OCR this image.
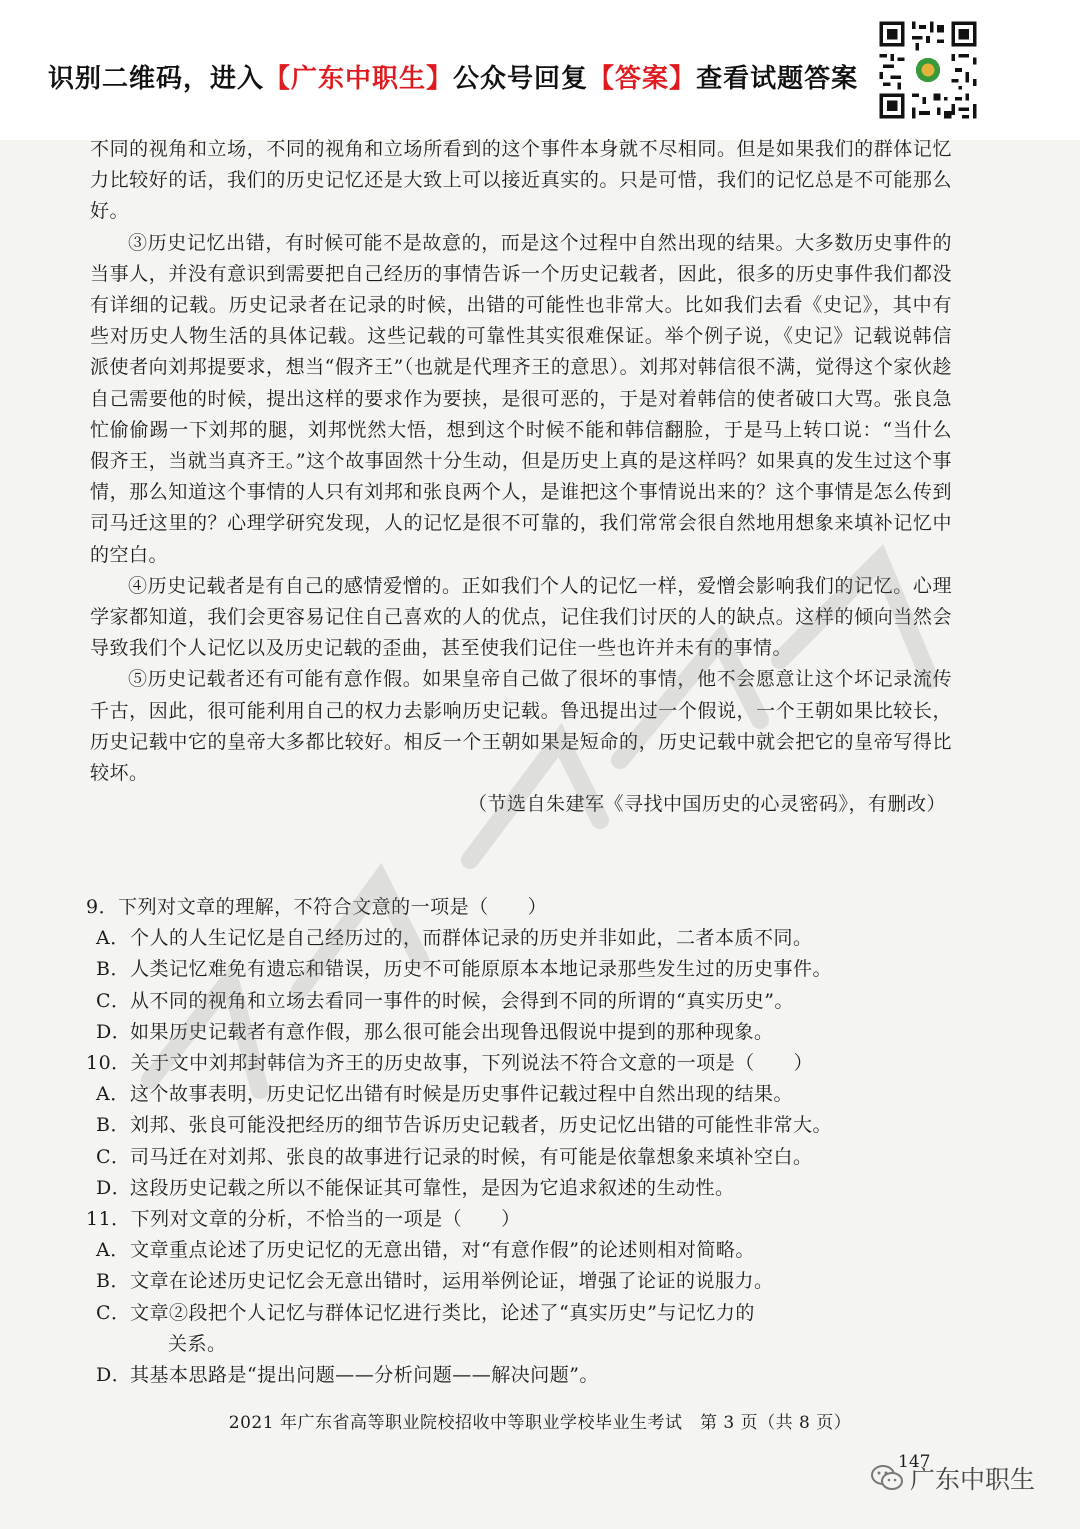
识别二维码，进入【广东中职生】公众号回复【答案】查看试题答案

不同的视角和立场，不同的视角和立场所看到的这个事件本身就不尽相同。但是如果我们的群体记忆力比较好的话，我们的历史记忆还是大致上可以接近真实的。只是可惜，我们的记忆总是不可能那么好。

③历史记忆出错，有时候可能不是故意的，而是这个过程中自然出现的结果。大多数历史事件的当事人，并没有意识到需要把自己经历的事情告诉一个历史记载者，因此，很多的历史事件我们都没有详细的记载。历史记录者在记录的时候，出错的可能性也非常大。比如我们去看《史记》，其中有些对历史人物生活的具体记载。这些记载的可靠性其实很难保证。举个例子说，《史记》记载说韩信派使者向刘邦提要求，想当“假齐王”（也就是代理齐王的意思）。刘邦对韩信很不满，觉得这个家伙趁自己需要他的时候，提出这样的要求作为要挟，是很可恶的，于是对着韩信的使者破口大骂。张良急忙偷偷踢一下刘邦的腿，刘邦恍然大悟，想到这个时候不能和韩信翻脸，于是马上转口说：“当什么假齐王，当就当真齐王。”这个故事固然十分生动，但是历史上真的是这样吗？如果真的发生过这个事情，那么知道这个事情的人只有刘邦和张良两个人，是谁把这个事情说出来的？这个事情是怎么传到司马迁这里的？心理学研究发现，人的记忆是很不可靠的，我们常常会很自然地用想象来填补记忆中的空白。

④历史记载者是有自己的感情爱憎的。正如我们个人的记忆一样，爱憎会影响我们的记忆。心理学家都知道，我们会更容易记住自己喜欢的人的优点，记住我们讨厌的人的缺点。这样的倾向当然会导致我们个人记忆以及历史记载的歪曲，甚至使我们记住一些也许并未有的事情。

⑤历史记载者还有可能有意作假。如果皇帝自己做了很坏的事情，他不会愿意让这个坏记录流传千古，因此，很可能利用自己的权力去影响历史记载。鲁迅提出过一个假说，一个王朝如果比较长，历史记载中它的皇帝大多都比较好。相反一个王朝如果是短命的，历史记载中就会把它的皇帝写得比较坏。

（节选自朱建军《寻找中国历史的心灵密码》，有删改）

9．下列对文章的理解，不符合文意的一项是（　　）
A．个人的人生记忆是自己经历过的，而群体记录的历史并非如此，二者本质不同。
B．人类记忆难免有遗忘和错误，历史不可能原原本本地记录那些发生过的历史事件。
C．从不同的视角和立场去看同一事件的时候，会得到不同的所谓的“真实历史”。
D．如果历史记载者有意作假，那么很可能会出现鲁迅假说中提到的那种现象。
10．关于文中刘邦封韩信为齐王的历史故事，下列说法不符合文意的一项是（　　）
A．这个故事表明，历史记忆出错有时候是历史事件记载过程中自然出现的结果。
B．刘邦、张良可能没把经历的细节告诉历史记载者，历史记忆出错的可能性非常大。
C．司马迁在对刘邦、张良的故事进行记录的时候，有可能是依靠想象来填补空白。
D．这段历史记载之所以不能保证其可靠性，是因为它追求叙述的生动性。
11．下列对文章的分析，不恰当的一项是（　　）
A．文章重点论述了历史记忆的无意出错，对“有意作假”的论述则相对简略。
B．文章在论述历史记忆会无意出错时，运用举例论证，增强了论证的说服力。
C．文章②段把个人记忆与群体记忆进行类比，论述了“真实历史”与记忆力的
关系。
D．其基本思路是“提出问题——分析问题——解决问题”。
2021 年广东省高等职业院校招收中等职业学校毕业生考试　第 3 页（共 8 页）
147
广东中职生
